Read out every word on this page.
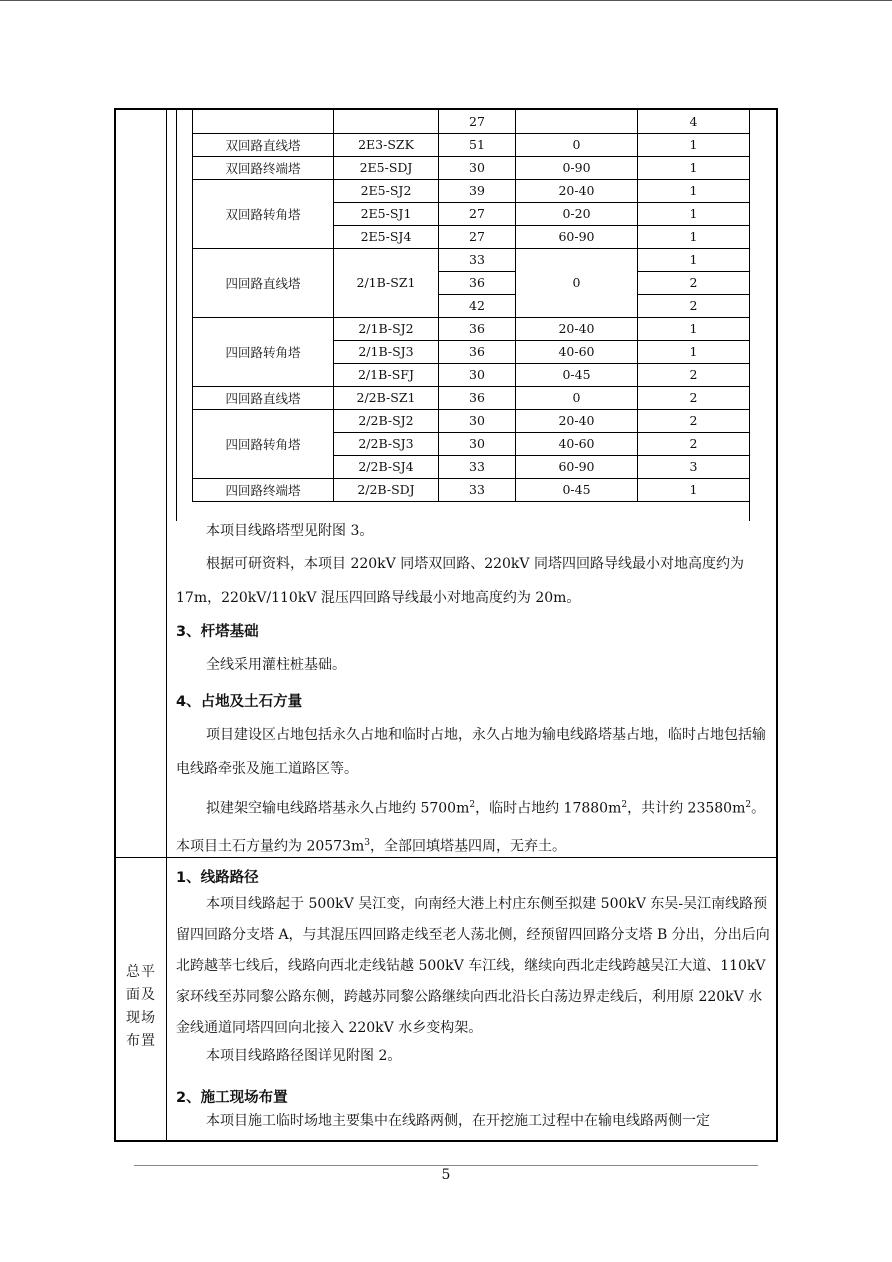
		27		4
双回路直线塔	2E3-SZK	51	0	1
双回路终端塔	2E5-SDJ	30	0-90	1
双回路转角塔	2E5-SJ2	39	20-40	1
	2E5-SJ1	27	0-20	1
	2E5-SJ4	27	60-90	1
四回路直线塔	2/1B-SZ1	33	0	1
		36		2
		42		2
四回路转角塔	2/1B-SJ2	36	20-40	1
	2/1B-SJ3	36	40-60	1
	2/1B-SFJ	30	0-45	2
四回路直线塔	2/2B-SZ1	36	0	2
四回路转角塔	2/2B-SJ2	30	20-40	2
	2/2B-SJ3	30	40-60	2
	2/2B-SJ4	33	60-90	3
四回路终端塔	2/2B-SDJ	33	0-45	1
本项目线路塔型见附图 3。
根据可研资料，本项目 220kV 同塔双回路、220kV 同塔四回路导线最小对地高度约为 17m，220kV/110kV 混压四回路导线最小对地高度约为 20m。
3、杆塔基础
全线采用灌柱桩基础。
4、占地及土石方量
项目建设区占地包括永久占地和临时占地，永久占地为输电线路塔基占地，临时占地包括输电线路牵张及施工道路区等。
拟建架空输电线路塔基永久占地约 $5700m^2$，临时占地约 $17880m^2$，共计约 $23580m^2$。本项目土石方量约为 $20573m^3$，全部回填塔基四周，无弃土。
总平
面及
现场
布置
1、线路路径
本项目线路起于 500kV 吴江变，向南经大港上村庄东侧至拟建 500kV 东吴-吴江南线路预留四回路分支塔 A，与其混压四回路走线至老人荡北侧，经预留四回路分支塔 B 分出，分出后向北跨越莘七线后，线路向西北走线钻越 500kV 车江线，继续向西北走线跨越吴江大道、110kV 家环线至苏同黎公路东侧，跨越苏同黎公路继续向西北沿长白荡边界走线后，利用原 220kV 水金线通道同塔四回向北接入 220kV 水乡变构架。
本项目线路路径图详见附图 2。
2、施工现场布置
本项目施工临时场地主要集中在线路两侧，在开挖施工过程中在输电线路两侧一定
5
